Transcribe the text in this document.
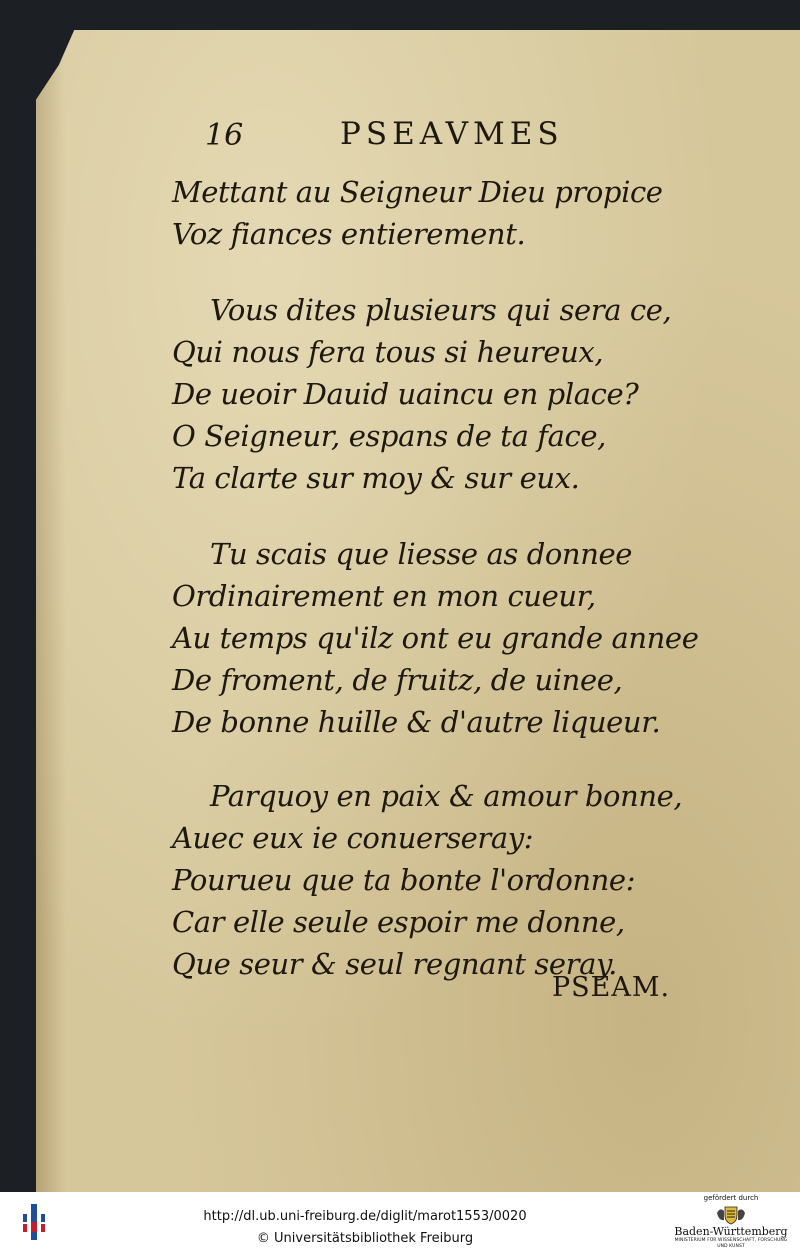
16	PSEAVMES
Mettant au Seigneur Dieu propice
Voz fiances entierement.
Vous dites plusieurs qui sera ce,
Qui nous fera tous si heureux,
De ueoir Dauid uaincu en place?
O Seigneur, espans de ta face,
Ta clarte sur moy & sur eux.
Tu scais que liesse as donnee
Ordinairement en mon cueur,
Au temps qu'ilz ont eu grande annee
De froment, de fruitz, de uinee,
De bonne huille & d'autre liqueur.
Parquoy en paix & amour bonne,
Auec eux ie conuerseray:
Pourueu que ta bonte l'ordonne:
Car elle seule espoir me donne,
Que seur & seul regnant seray.
PSEAM.
http://dl.ub.uni-freiburg.de/diglit/marot1553/0020
© Universitätsbibliothek Freiburg
gefördert durch
Baden-Württemberg
MINISTERIUM FÜR WISSENSCHAFT, FORSCHUNG UND KUNST
